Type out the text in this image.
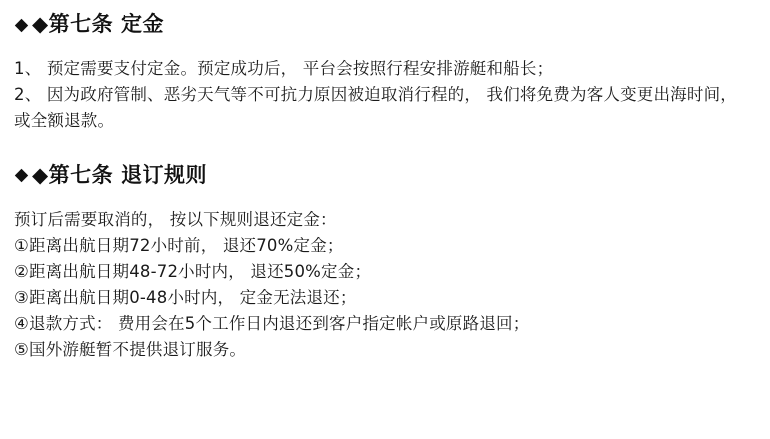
◆第七条 定金

1、 预定需要支付定金。预定成功后， 平台会按照行程安排游艇和船长；

2、 因为政府管制、恶劣天气等不可抗力原因被迫取消行程的， 我们将免费为客人变更出海时间， 或全额退款。

◆第七条 退订规则

预订后需要取消的， 按以下规则退还定金：

①距离出航日期72小时前， 退还70%定金；

②距离出航日期48-72小时内， 退还50%定金；

③距离出航日期0-48小时内， 定金无法退还；

④退款方式： 费用会在5个工作日内退还到客户指定帐户或原路退回；

⑤国外游艇暂不提供退订服务。
